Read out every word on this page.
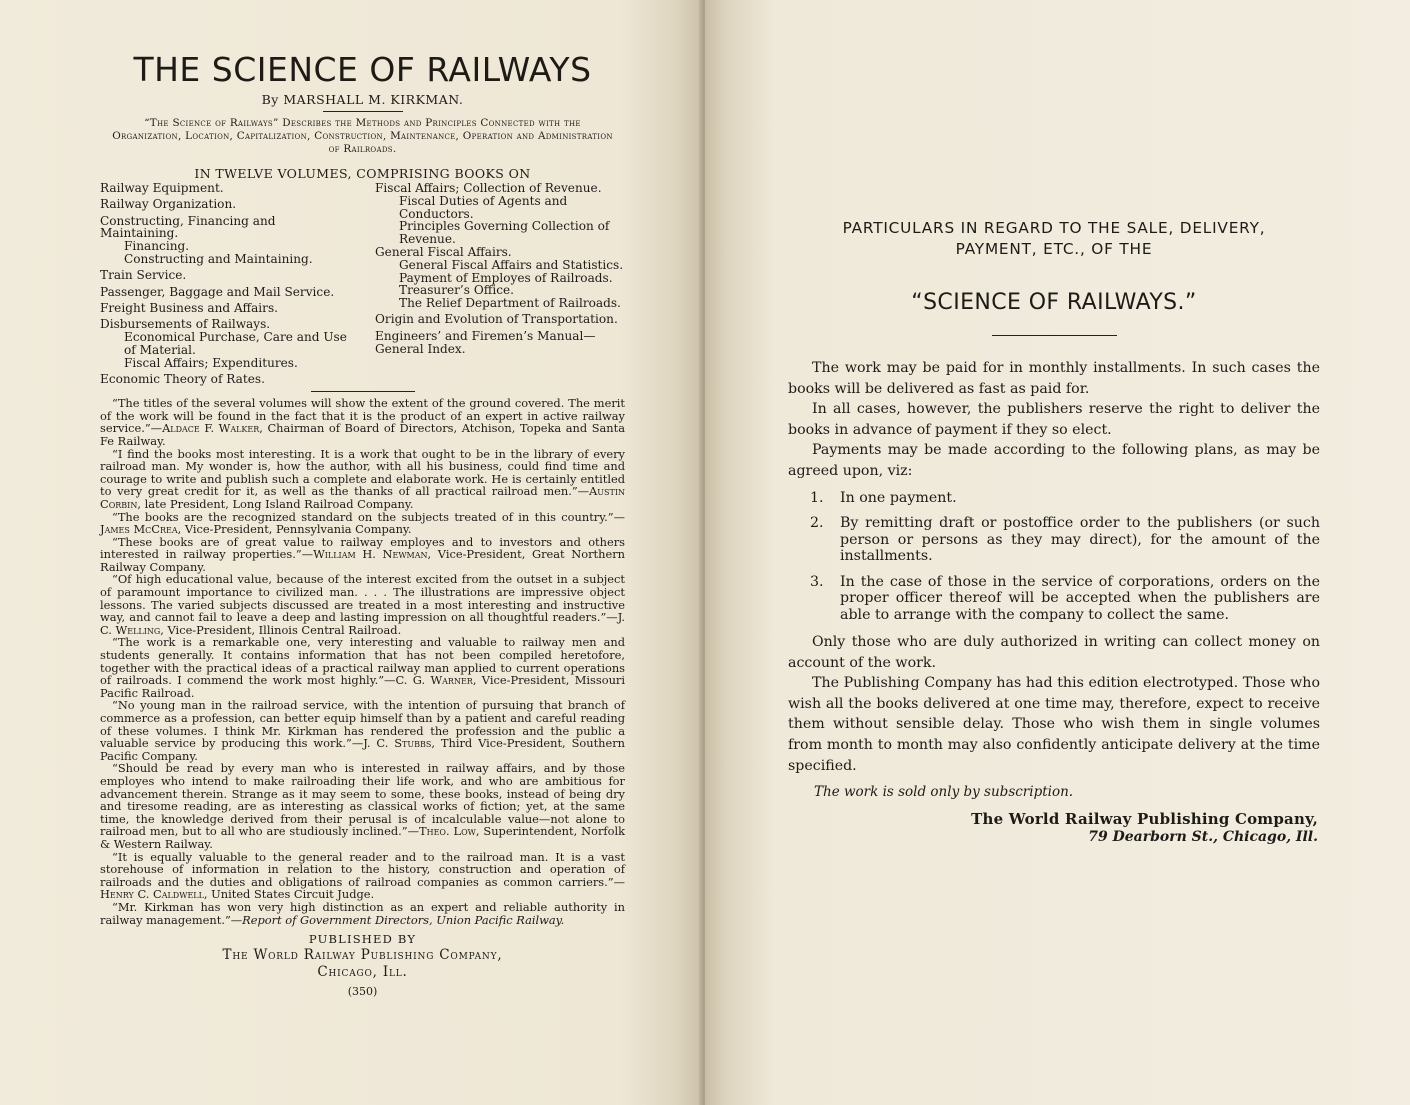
THE SCIENCE OF RAILWAYS
By MARSHALL M. KIRKMAN.
“The Science of Railways” Describes the Methods and Principles Connected with the Organization, Location, Capitalization, Construction, Maintenance, Operation and Administration of Railroads.
IN TWELVE VOLUMES, COMPRISING BOOKS ON
Railway Equipment.
Railway Organization.
Constructing, Financing and Maintaining.
Financing.
Constructing and Maintaining.
Train Service.
Passenger, Baggage and Mail Service.
Freight Business and Affairs.
Disbursements of Railways.
Economical Purchase, Care and Use of Material.
Fiscal Affairs; Expenditures.
Economic Theory of Rates.
Fiscal Affairs; Collection of Revenue.
Fiscal Duties of Agents and Conductors.
Principles Governing Collection of Revenue.
General Fiscal Affairs.
General Fiscal Affairs and Statistics.
Payment of Employes of Railroads.
Treasurer’s Office.
The Relief Department of Railroads.
Origin and Evolution of Transportation.
Engineers’ and Firemen’s Manual—General Index.

“The titles of the several volumes will show the extent of the ground covered. The merit of the work will be found in the fact that it is the product of an expert in active railway service.”—Aldace F. Walker, Chairman of Board of Directors, Atchison, Topeka and Santa Fe Railway.

“I find the books most interesting. It is a work that ought to be in the library of every railroad man. My wonder is, how the author, with all his business, could find time and courage to write and publish such a complete and elaborate work. He is certainly entitled to very great credit for it, as well as the thanks of all practical railroad men.”—Austin Corbin, late President, Long Island Railroad Company.

“The books are the recognized standard on the subjects treated of in this country.”—James McCrea, Vice-President, Pennsylvania Company.

“These books are of great value to railway employes and to investors and others interested in railway properties.”—William H. Newman, Vice-President, Great Northern Railway Company.

“Of high educational value, because of the interest excited from the outset in a subject of paramount importance to civilized man. . . . The illustrations are impressive object lessons. The varied subjects discussed are treated in a most interesting and instructive way, and cannot fail to leave a deep and lasting impression on all thoughtful readers.”—J. C. Welling, Vice-President, Illinois Central Railroad.

“The work is a remarkable one, very interesting and valuable to railway men and students generally. It contains information that has not been compiled heretofore, together with the practical ideas of a practical railway man applied to current operations of railroads. I commend the work most highly.”—C. G. Warner, Vice-President, Missouri Pacific Railroad.

“No young man in the railroad service, with the intention of pursuing that branch of commerce as a profession, can better equip himself than by a patient and careful reading of these volumes. I think Mr. Kirkman has rendered the profession and the public a valuable service by producing this work.”—J. C. Stubbs, Third Vice-President, Southern Pacific Company.

“Should be read by every man who is interested in railway affairs, and by those employes who intend to make railroading their life work, and who are ambitious for advancement therein. Strange as it may seem to some, these books, instead of being dry and tiresome reading, are as interesting as classical works of fiction; yet, at the same time, the knowledge derived from their perusal is of incalculable value—not alone to railroad men, but to all who are studiously inclined.”—Theo. Low, Superintendent, Norfolk & Western Railway.

“It is equally valuable to the general reader and to the railroad man. It is a vast storehouse of information in relation to the history, construction and operation of railroads and the duties and obligations of railroad companies as common carriers.”—Henry C. Caldwell, United States Circuit Judge.

“Mr. Kirkman has won very high distinction as an expert and reliable authority in railway management.”—Report of Government Directors, Union Pacific Railway.

PUBLISHED BY
The World Railway Publishing Company,
Chicago, Ill.
(350)
PARTICULARS IN REGARD TO THE SALE, DELIVERY,
PAYMENT, ETC., OF THE
“SCIENCE OF RAILWAYS.”

The work may be paid for in monthly installments. In such cases the books will be delivered as fast as paid for.

In all cases, however, the publishers reserve the right to deliver the books in advance of payment if they so elect.

Payments may be made according to the following plans, as may be agreed upon, viz:

1.	In one payment.
2.	By remitting draft or postoffice order to the publishers (or such person or persons as they may direct), for the amount of the installments.
3.	In the case of those in the service of corporations, orders on the proper officer thereof will be accepted when the publishers are able to arrange with the company to collect the same.

Only those who are duly authorized in writing can collect money on account of the work.

The Publishing Company has had this edition electrotyped. Those who wish all the books delivered at one time may, therefore, expect to receive them without sensible delay. Those who wish them in single volumes from month to month may also confidently anticipate delivery at the time specified.

The work is sold only by subscription.
The World Railway Publishing Company,
79 Dearborn St., Chicago, Ill.
